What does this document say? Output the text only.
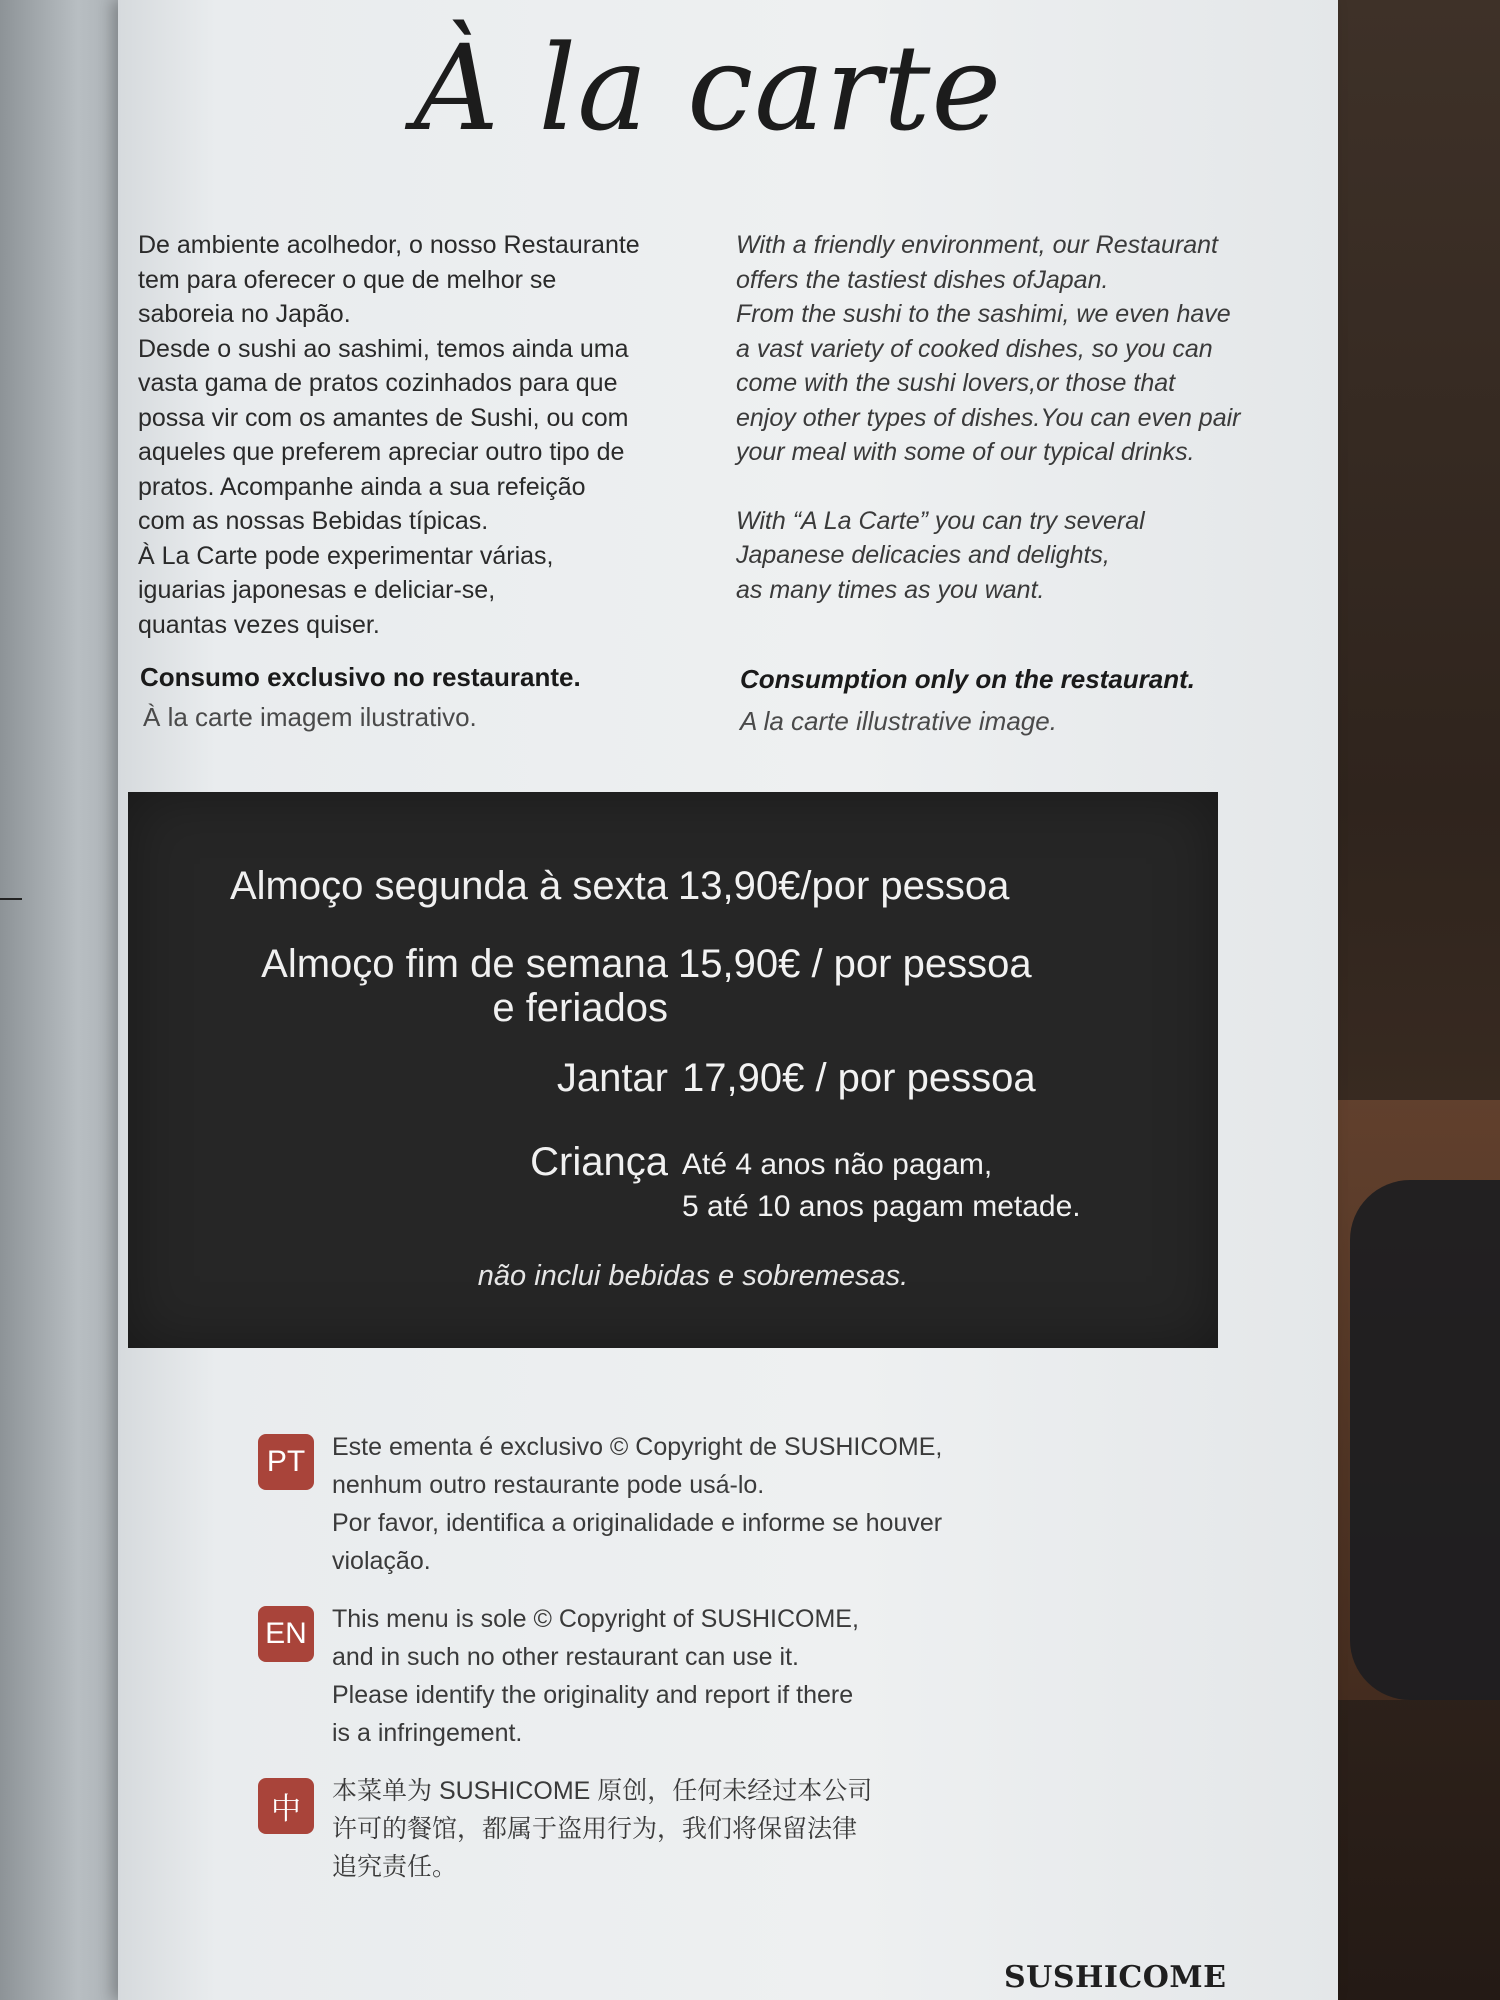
À la carte

De ambiente acolhedor, o nosso Restaurante
tem para oferecer o que de melhor se
saboreia no Japão.
Desde o sushi ao sashimi, temos ainda uma
vasta gama de pratos cozinhados para que
possa vir com os amantes de Sushi, ou com
aqueles que preferem apreciar outro tipo de
pratos. Acompanhe ainda a sua refeição
com as nossas Bebidas típicas.
À La Carte pode experimentar várias,
iguarias japonesas e deliciar-se,
quantas vezes quiser.

With a friendly environment, our Restaurant
offers the tastiest dishes ofJapan.
From the sushi to the sashimi, we even have
a vast variety of cooked dishes, so you can
come with the sushi lovers,or those that
enjoy other types of dishes.You can even pair
your meal with some of our typical drinks.

With “A La Carte” you can try several
Japanese delicacies and delights,
as many times as you want.

Consumo exclusivo no restaurante.
À la carte imagem ilustrativo.
Consumption only on the restaurant.
A la carte illustrative image.
Almoço segunda à sexta 13,90€/por pessoa
Almoço fim de semana
e feriados
15,90€ / por pessoa
Jantar 17,90€ / por pessoa
Criança Até 4 anos não pagam,
5 até 10 anos pagam metade.
não inclui bebidas e sobremesas.
PT	Este ementa é exclusivo © Copyright de SUSHICOME,
nenhum outro restaurante pode usá-lo.
Por favor, identifica a originalidade e informe se houver
violação.
EN This menu is sole © Copyright of SUSHICOME,
and in such no other restaurant can use it.
Please identify the originality and report if there
is a infringement.
中
本菜单为 SUSHICOME 原创，任何未经过本公司
许可的餐馆，都属于盗用行为，我们将保留法律
追究责任。
SUSHICOME
